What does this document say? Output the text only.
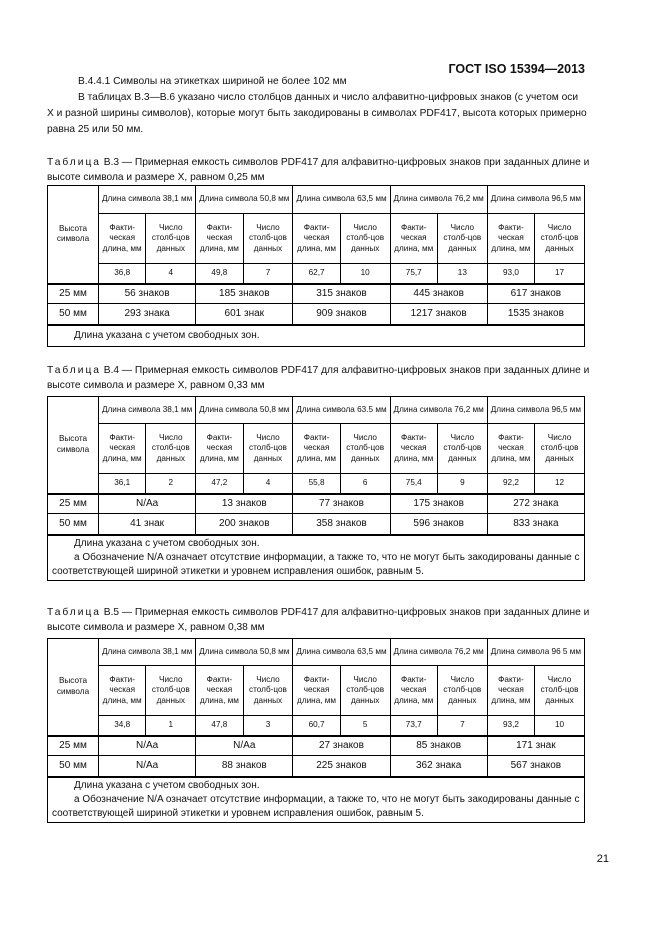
ГОСТ ISO 15394—2013
B.4.4.1 Символы на этикетках шириной не более 102 мм
В таблицах B.3—B.6 указано число столбцов данных и число алфавитно-цифровых знаков (с учетом оси X и разной ширины символов), которые могут быть закодированы в символах PDF417, высота которых примерно равна 25 или 50 мм.
Таблица B.3 — Примерная емкость символов PDF417 для алфавитно-цифровых знаков при заданных длине и высоте символа и размере X, равном 0,25 мм
Высота символа	Длина символа 38,1 мм		Длина символа 50,8 мм		Длина символа 63,5 мм		Длина символа 76,2 мм		Длина символа 96,5 мм	
	Факти-ческая длина, мм	Число столб-цов данных	Факти-ческая длина, мм	Число столб-цов данных	Факти-ческая длина, мм	Число столб-цов данных	Факти-ческая длина, мм	Число столб-цов данных	Факти-ческая длина, мм	Число столб-цов данных
	36,8	4	49,8	7	62,7	10	75,7	13	93,0	17
25 мм	56 знаков		185 знаков		315 знаков		445 знаков		617 знаков	
50 мм	293 знака		601 знак		909 знаков		1217 знаков		1535 знаков	
Длина указана с учетом свободных зон.										
Таблица B.4 — Примерная емкость символов PDF417 для алфавитно-цифровых знаков при заданных длине и высоте символа и размере X, равном 0,33 мм
Высота символа	Длина символа 38,1 мм		Длина символа 50,8 мм		Длина символа 63.5 мм		Длина символа 76,2 мм		Длина символа 96,5 мм	
	Факти-ческая длина, мм	Число столб-цов данных	Факти-ческая длина, мм	Число столб-цов данных	Факти-ческая длина, мм	Число столб-цов данных	Факти-ческая длина, мм	Число столб-цов данных	Факти-ческая длина, мм	Число столб-цов данных
	36,1	2	47,2	4	55,8	6	75,4	9	92,2	12
25 мм	N/Aa		13 знаков		77 знаков		175 знаков		272 знака	
50 мм	41 знак		200 знаков		358 знаков		596 знаков		833 знака	

Длина указана с учетом свободных зон.
a Обозначение N/A означает отсутствие информации, а также то, что не могут быть закодированы данные с соответствующей шириной этикетки и уровнем исправления ошибок, равным 5.										
Таблица B.5 — Примерная емкость символов PDF417 для алфавитно-цифровых знаков при заданных длине и высоте символа и размере X, равном 0,38 мм
Высота символа	Длина символа 38,1 мм		Длина символа 50,8 мм		Длина символа 63,5 мм		Длина символа 76,2 мм		Длина символа 96 5 мм	
	Факти-ческая длина, мм	Число столб-цов данных	Факти-ческая длина, мм	Число столб-цов данных	Факти-ческая длина, мм	Число столб-цов данных	Факти-ческая длина, мм	Число столб-цов данных	Факти-ческая длина, мм	Число столб-цов данных
	34,8	1	47,8	3	60,7	5	73,7	7	93,2	10
25 мм	N/Aa		N/Aa		27 знаков		85 знаков		171 знак	
50 мм	N/Aa		88 знаков		225 знаков		362 знака		567 знаков	

Длина указана с учетом свободных зон.
a Обозначение N/A означает отсутствие информации, а также то, что не могут быть закодированы данные с соответствующей шириной этикетки и уровнем исправления ошибок, равным 5.										
21
